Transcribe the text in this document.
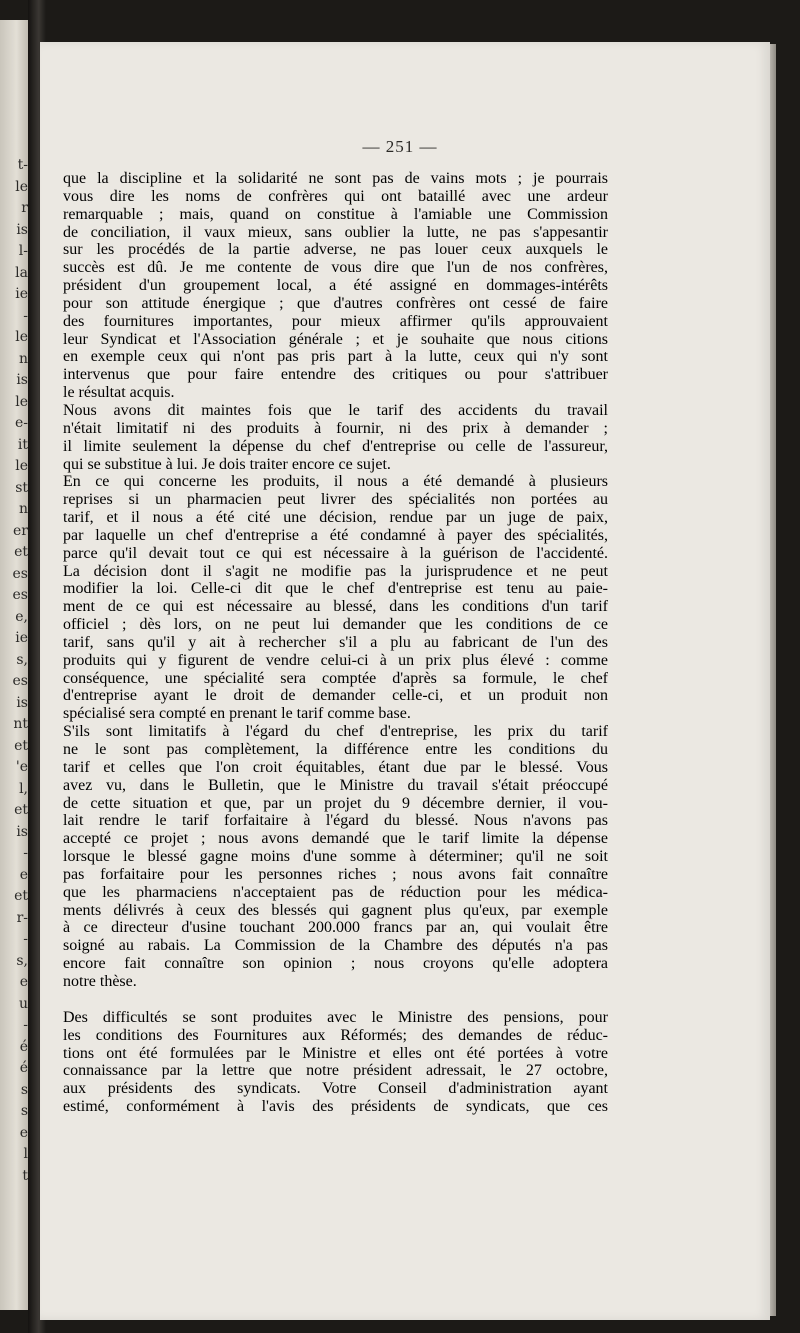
t-
le
r
is
l-
la
ie
-
le
n
is
le
e-
it
le
st
n
er
et
es
es
e,
ie
s,
es
is
nt
et
'e
l,
et
is
-
e
et
r-
-
s,
e
u
-
é
é
s
s
e
l
t
— 251 —
que la discipline et la solidarité ne sont pas de vains mots ; je pourrais
vous dire les noms de confrères qui ont bataillé avec une ardeur
remarquable ; mais, quand on constitue à l'amiable une Commission
de conciliation, il vaux mieux, sans oublier la lutte, ne pas s'appesantir
sur les procédés de la partie adverse, ne pas louer ceux auxquels le
succès est dû. Je me contente de vous dire que l'un de nos confrères,
président d'un groupement local, a été assigné en dommages-intérêts
pour son attitude énergique ; que d'autres confrères ont cessé de faire
des fournitures importantes, pour mieux affirmer qu'ils approuvaient
leur Syndicat et l'Association générale ; et je souhaite que nous citions
en exemple ceux qui n'ont pas pris part à la lutte, ceux qui n'y sont
intervenus que pour faire entendre des critiques ou pour s'attribuer
le résultat acquis.
Nous avons dit maintes fois que le tarif des accidents du travail
n'était limitatif ni des produits à fournir, ni des prix à demander ;
il limite seulement la dépense du chef d'entreprise ou celle de l'assureur,
qui se substitue à lui. Je dois traiter encore ce sujet.
En ce qui concerne les produits, il nous a été demandé à plusieurs
reprises si un pharmacien peut livrer des spécialités non portées au
tarif, et il nous a été cité une décision, rendue par un juge de paix,
par laquelle un chef d'entreprise a été condamné à payer des spécialités,
parce qu'il devait tout ce qui est nécessaire à la guérison de l'accidenté.
La décision dont il s'agit ne modifie pas la jurisprudence et ne peut
modifier la loi. Celle-ci dit que le chef d'entreprise est tenu au paie-
ment de ce qui est nécessaire au blessé, dans les conditions d'un tarif
officiel ; dès lors, on ne peut lui demander que les conditions de ce
tarif, sans qu'il y ait à rechercher s'il a plu au fabricant de l'un des
produits qui y figurent de vendre celui-ci à un prix plus élevé : comme
conséquence, une spécialité sera comptée d'après sa formule, le chef
d'entreprise ayant le droit de demander celle-ci, et un produit non
spécialisé sera compté en prenant le tarif comme base.
S'ils sont limitatifs à l'égard du chef d'entreprise, les prix du tarif
ne le sont pas complètement, la différence entre les conditions du
tarif et celles que l'on croit équitables, étant due par le blessé. Vous
avez vu, dans le Bulletin, que le Ministre du travail s'était préoccupé
de cette situation et que, par un projet du 9 décembre dernier, il vou-
lait rendre le tarif forfaitaire à l'égard du blessé. Nous n'avons pas
accepté ce projet ; nous avons demandé que le tarif limite la dépense
lorsque le blessé gagne moins d'une somme à déterminer; qu'il ne soit
pas forfaitaire pour les personnes riches ; nous avons fait connaître
que les pharmaciens n'acceptaient pas de réduction pour les médica-
ments délivrés à ceux des blessés qui gagnent plus qu'eux, par exemple
à ce directeur d'usine touchant 200.000 francs par an, qui voulait être
soigné au rabais. La Commission de la Chambre des députés n'a pas
encore fait connaître son opinion ; nous croyons qu'elle adoptera
notre thèse.
Des difficultés se sont produites avec le Ministre des pensions, pour
les conditions des Fournitures aux Réformés; des demandes de réduc-
tions ont été formulées par le Ministre et elles ont été portées à votre
connaissance par la lettre que notre président adressait, le 27 octobre,
aux présidents des syndicats. Votre Conseil d'administration ayant
estimé, conformément à l'avis des présidents de syndicats, que ces
